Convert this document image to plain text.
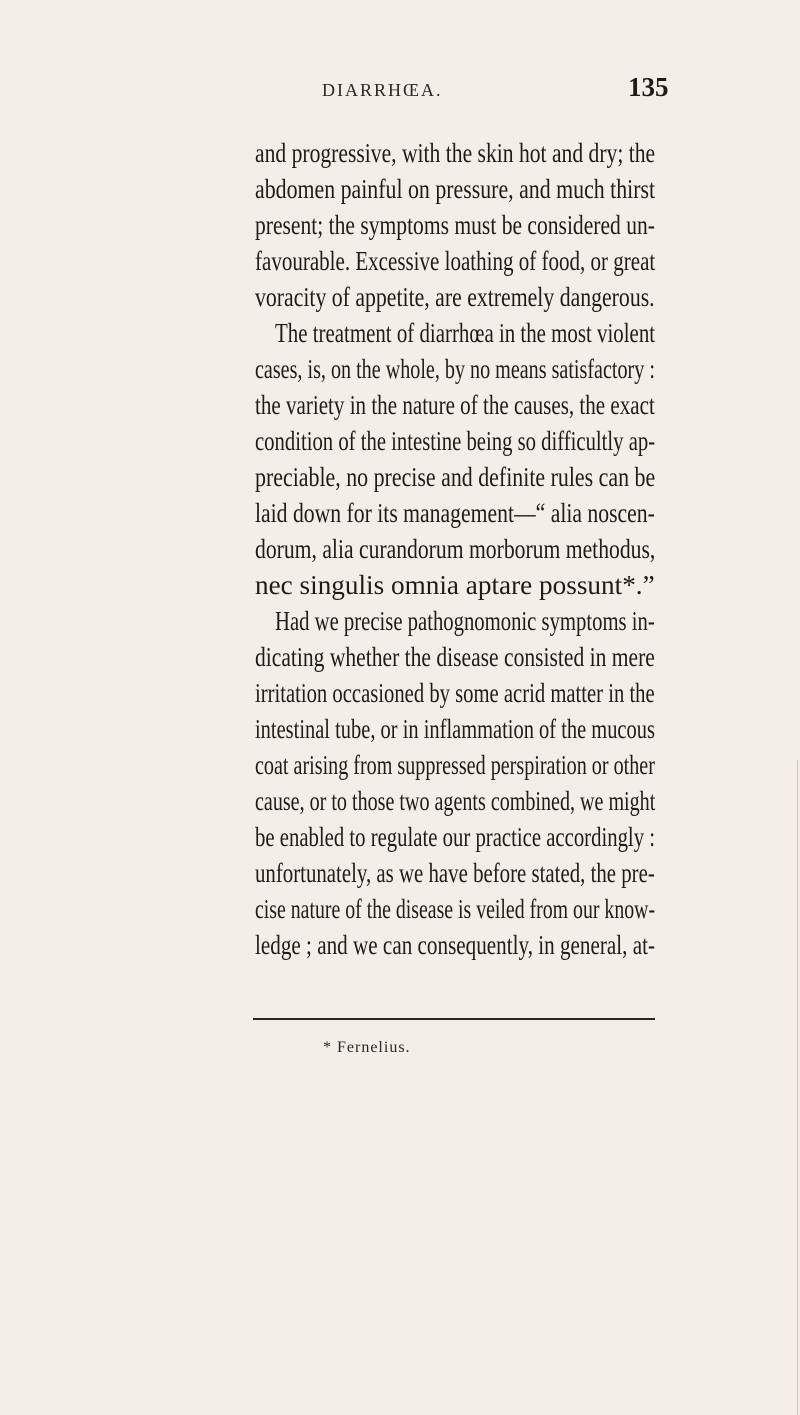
DIARRHŒA.	135
and progressive, with the skin hot and dry; the
abdomen painful on pressure, and much thirst
present; the symptoms must be considered un-
favourable. Excessive loathing of food, or great
voracity of appetite, are extremely dangerous.
The treatment of diarrhœa in the most violent
cases, is, on the whole, by no means satisfactory :
the variety in the nature of the causes, the exact
condition of the intestine being so difficultly ap-
preciable, no precise and definite rules can be
laid down for its management—“ alia noscen-
dorum, alia curandorum morborum methodus,
nec singulis omnia aptare possunt*.”
Had we precise pathognomonic symptoms in-
dicating whether the disease consisted in mere
irritation occasioned by some acrid matter in the
intestinal tube, or in inflammation of the mucous
coat arising from suppressed perspiration or other
cause, or to those two agents combined, we might
be enabled to regulate our practice accordingly :
unfortunately, as we have before stated, the pre-
cise nature of the disease is veiled from our know-
ledge ; and we can consequently, in general, at-
* Fernelius.
